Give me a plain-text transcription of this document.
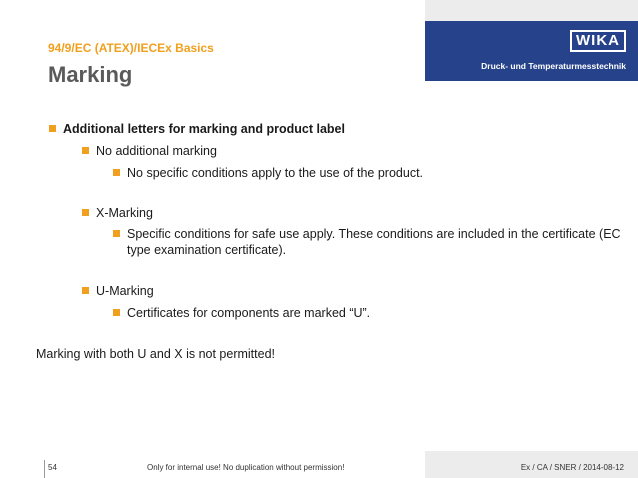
WIKA
Druck- und Temperaturmesstechnik
94/9/EC (ATEX)/IECEx Basics
Marking
Additional letters for marking and product label
No additional marking
No specific conditions apply to the use of the product.
X-Marking
Specific conditions for safe use apply. These conditions are included in the certificate (EC
type examination certificate).
U-Marking
Certificates for components are marked “U”.
Marking with both U and X is not permitted!
54	Only for internal use! No duplication without permission!	Ex / CA / SNER / 2014-08-12
